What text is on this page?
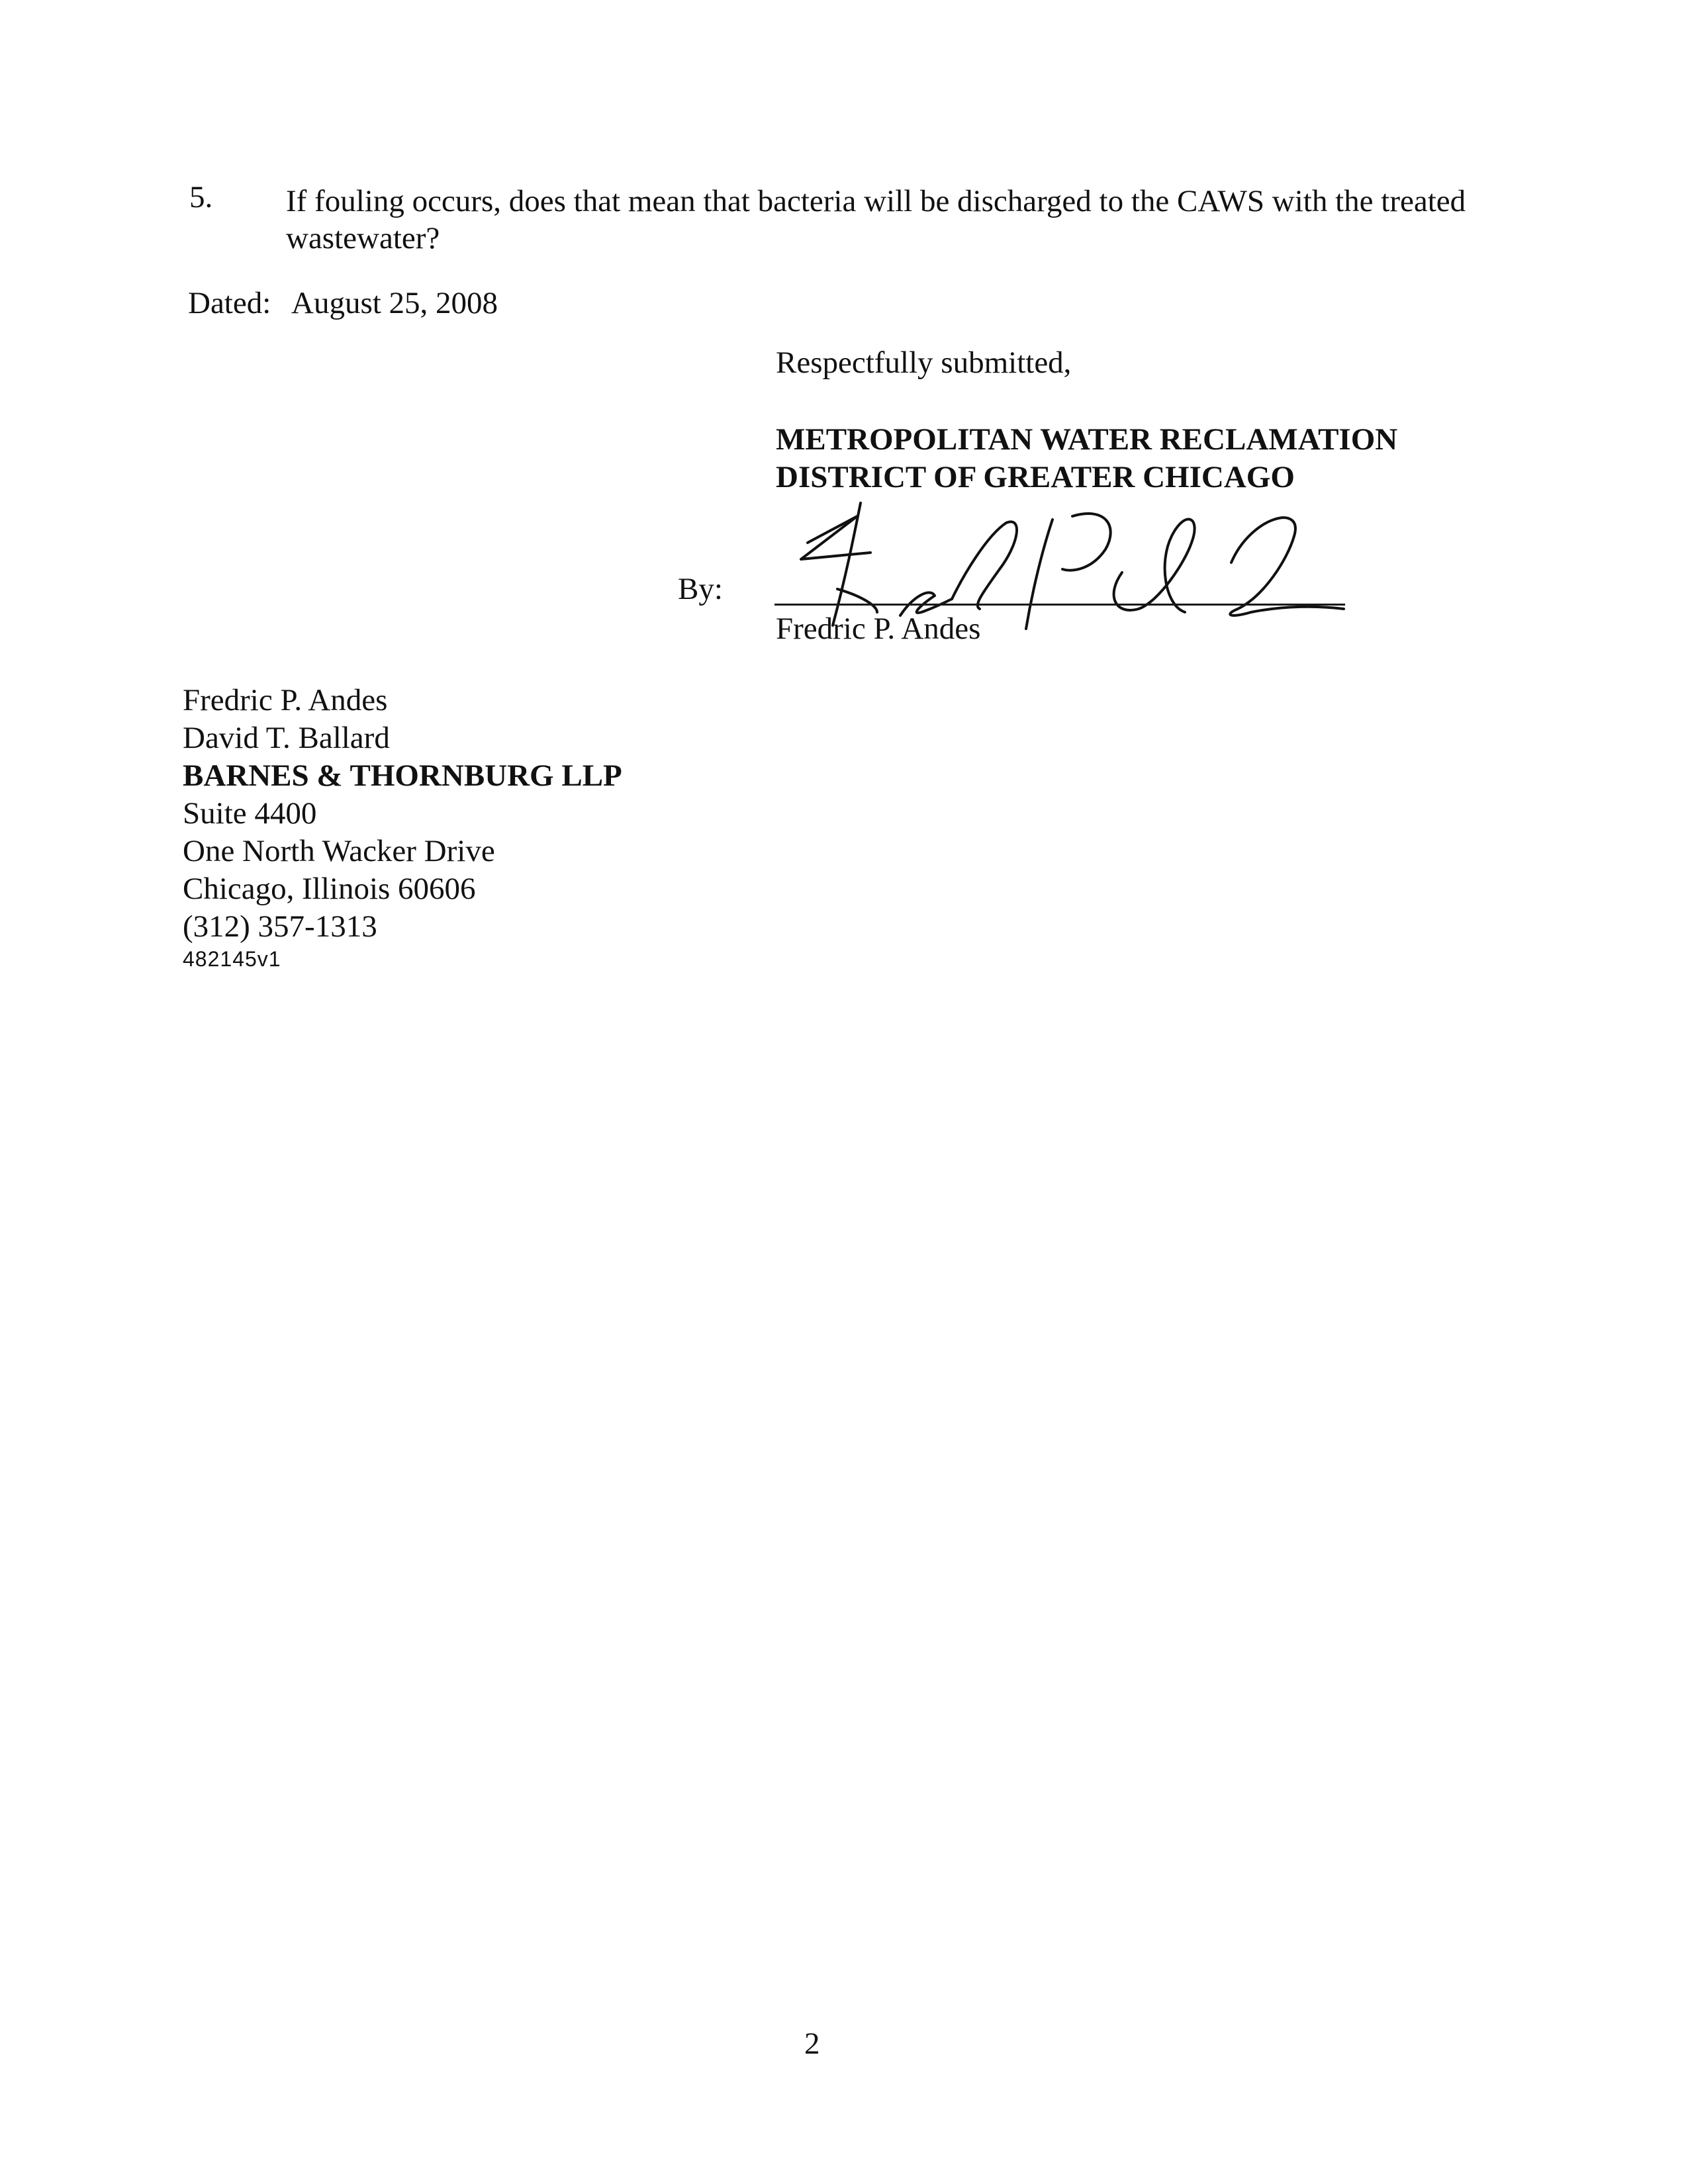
5. If fouling occurs, does that mean that bacteria will be discharged to the CAWS with the treated wastewater?
Dated: August 25, 2008
Respectfully submitted,
METROPOLITAN WATER RECLAMATION
DISTRICT OF GREATER CHICAGO
By:
Fredric P. Andes
Fredric P. Andes
David T. Ballard
BARNES & THORNBURG LLP
Suite 4400
One North Wacker Drive
Chicago, Illinois 60606
(312) 357-1313
482145v1
2
